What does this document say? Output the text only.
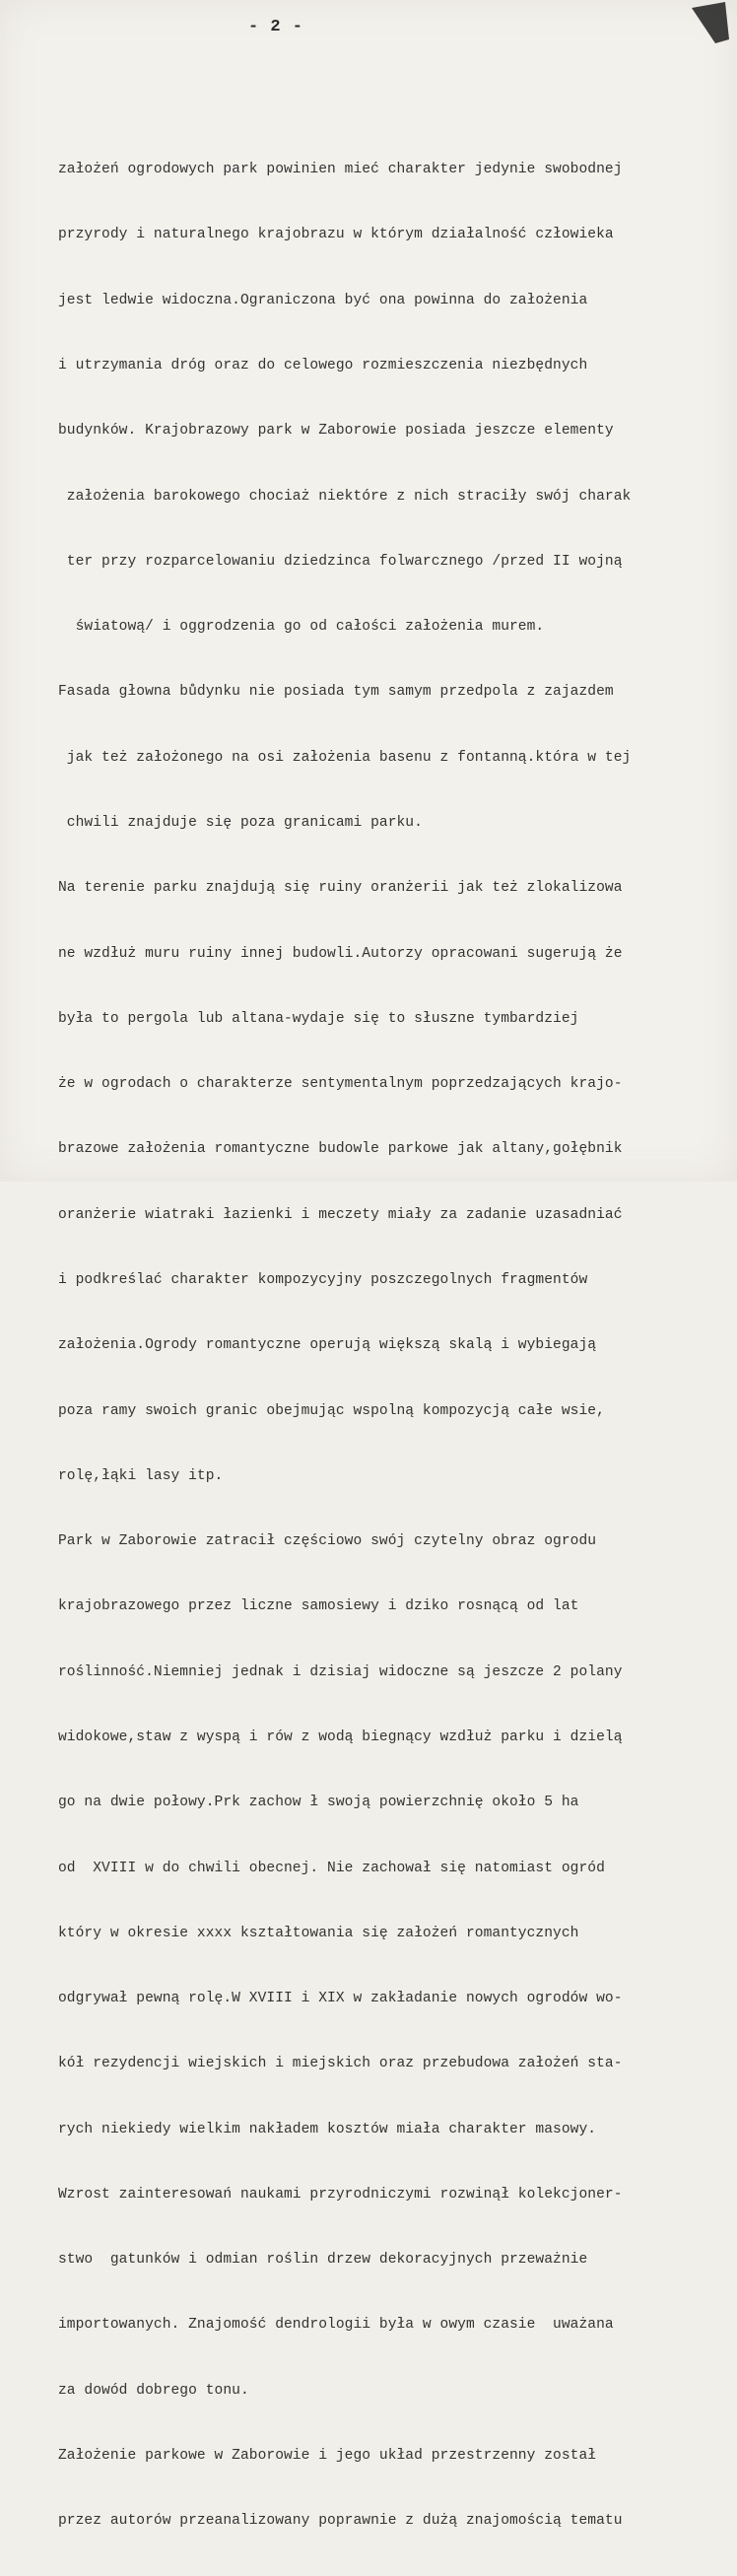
- 2 -

założeń ogrodowych park powinien mieć charakter jedynie swobodnej

przyrody i naturalnego krajobrazu w którym działalność człowieka

jest ledwie widoczna.Ograniczona być ona powinna do założenia

i utrzymania dróg oraz do celowego rozmieszczenia niezbędnych

budynków. Krajobrazowy park w Zaborowie posiada jeszcze elementy

założenia barokowego chociaż niektóre z nich straciły swój charak

ter przy rozparcelowaniu dziedzinca folwarcznego /przed II wojną

światową/ i oggrodzenia go od całości założenia murem.

Fasada głowna bůdynku nie posiada tym samym przedpola z zajazdem

jak też założonego na osi założenia basenu z fontanną.która w tej

chwili znajduje się poza granicami parku.

Na terenie parku znajdują się ruiny oranżerii jak też zlokalizowa

ne wzdłuż muru ruiny innej budowli.Autorzy opracowani sugerują że

była to pergola lub altana-wydaje się to słuszne tymbardziej

że w ogrodach o charakterze sentymentalnym poprzedzających krajo-

brazowe założenia romantyczne budowle parkowe jak altany,gołębnik

oranżerie wiatraki łazienki i meczety miały za zadanie uzasadniać

i podkreślać charakter kompozycyjny poszczegolnych fragmentów

założenia.Ogrody romantyczne operują większą skalą i wybiegają

poza ramy swoich granic obejmując wspolną kompozycją całe wsie,

rolę,łąki lasy itp.

Park w Zaborowie zatracił częściowo swój czytelny obraz ogrodu

krajobrazowego przez liczne samosiewy i dziko rosnącą od lat

roślinność.Niemniej jednak i dzisiaj widoczne są jeszcze 2 polany

widokowe,staw z wyspą i rów z wodą biegnący wzdłuż parku i dzielą

go na dwie połowy.Prk zachow ł swoją powierzchnię około 5 ha

od  XVIII w do chwili obecnej. Nie zachował się natomiast ogród

który w okresie xxxx kształtowania się założeń romantycznych

odgrywał pewną rolę.W XVIII i XIX w zakładanie nowych ogrodów wo-

kół rezydencji wiejskich i miejskich oraz przebudowa założeń sta-

rych niekiedy wielkim nakładem kosztów miała charakter masowy.

Wzrost zainteresowań naukami przyrodniczymi rozwinął kolekcjoner-

stwo  gatunków i odmian roślin drzew dekoracyjnych przeważnie

importowanych. Znajomość dendrologii była w owym czasie  uważana

za dowód dobrego tonu.

Założenie parkowe w Zaborowie i jego układ przestrzenny został

przez autorów przeanalizowany poprawnie z dużą znajomością tematu
